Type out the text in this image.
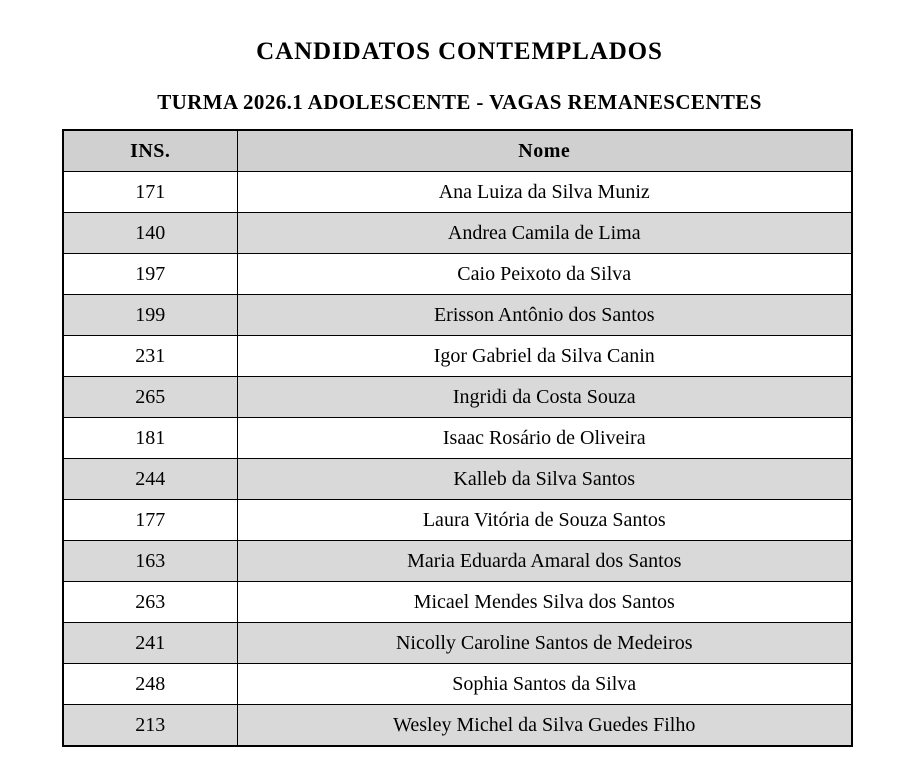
CANDIDATOS CONTEMPLADOS
TURMA 2026.1 ADOLESCENTE - VAGAS REMANESCENTES
INS.	Nome
171	Ana Luiza da Silva Muniz
140	Andrea Camila de Lima
197	Caio Peixoto da Silva
199	Erisson Antônio dos Santos
231	Igor Gabriel da Silva Canin
265	Ingridi da Costa Souza
181	Isaac Rosário de Oliveira
244	Kalleb da Silva Santos
177	Laura Vitória de Souza Santos
163	Maria Eduarda Amaral dos Santos
263	Micael Mendes Silva dos Santos
241	Nicolly Caroline Santos de Medeiros
248	Sophia Santos da Silva
213	Wesley Michel da Silva Guedes Filho
